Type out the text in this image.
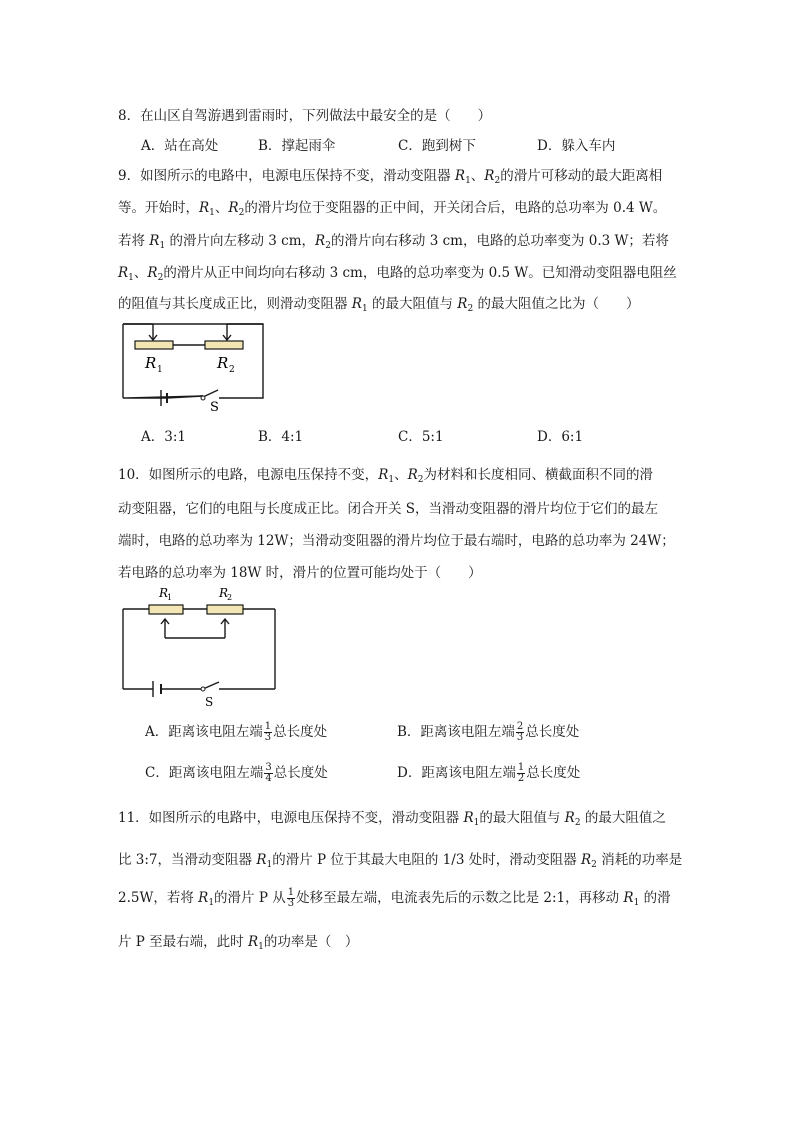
8．在山区自驾游遇到雷雨时，下列做法中最安全的是（　　）
A．站在高处	B．撑起雨伞	C．跑到树下	D．躲入车内
9．如图所示的电路中，电源电压保持不变，滑动变阻器 $R_1$、$R_2$的滑片可移动的最大距离相
等。开始时，$R_1$、$R_2$的滑片均位于变阻器的正中间，开关闭合后，电路的总功率为 0.4 W。
若将 $R_1$ 的滑片向左移动 3 cm，$R_2$的滑片向右移动 3 cm，电路的总功率变为 0.3 W；若将
$R_1$、$R_2$的滑片从正中间均向右移动 3 cm，电路的总功率变为 0.5 W。已知滑动变阻器电阻丝
的阻值与其长度成正比，则滑动变阻器 $R_1$ 的最大阻值与 $R_2$ 的最大阻值之比为（　　）
R 1	R 2
S
A．3:1	B．4:1	C．5:1	D．6:1
10．如图所示的电路，电源电压保持不变，$R_1$、$R_2$为材料和长度相同、横截面积不同的滑
动变阻器，它们的电阻与长度成正比。闭合开关 S，当滑动变阻器的滑片均位于它们的最左
端时，电路的总功率为 12W；当滑动变阻器的滑片均位于最右端时，电路的总功率为 24W；
若电路的总功率为 18W 时，滑片的位置可能均处于（　　）
R
1	R
2
S
A．距离该电阻左端 $\frac{1}{3}$ 总长度处	B．距离该电阻左端 $\frac{2}{3}$ 总长度处
C．距离该电阻左端 $\frac{3}{4}$ 总长度处	D．距离该电阻左端 $\frac{1}{2}$ 总长度处
11．如图所示的电路中，电源电压保持不变，滑动变阻器 $R_1$的最大阻值与 $R_2$ 的最大阻值之
比 3:7，当滑动变阻器 $R_1$的滑片 P 位于其最大电阻的 1/3 处时，滑动变阻器 $R_2$ 消耗的功率是
2.5W，若将 $R_1$的滑片 P 从 $\frac{1}{3}$ 处移至最左端，电流表先后的示数之比是 2:1，再移动 $R_1$ 的滑
片 P 至最右端，此时 $R_1$的功率是（　）
